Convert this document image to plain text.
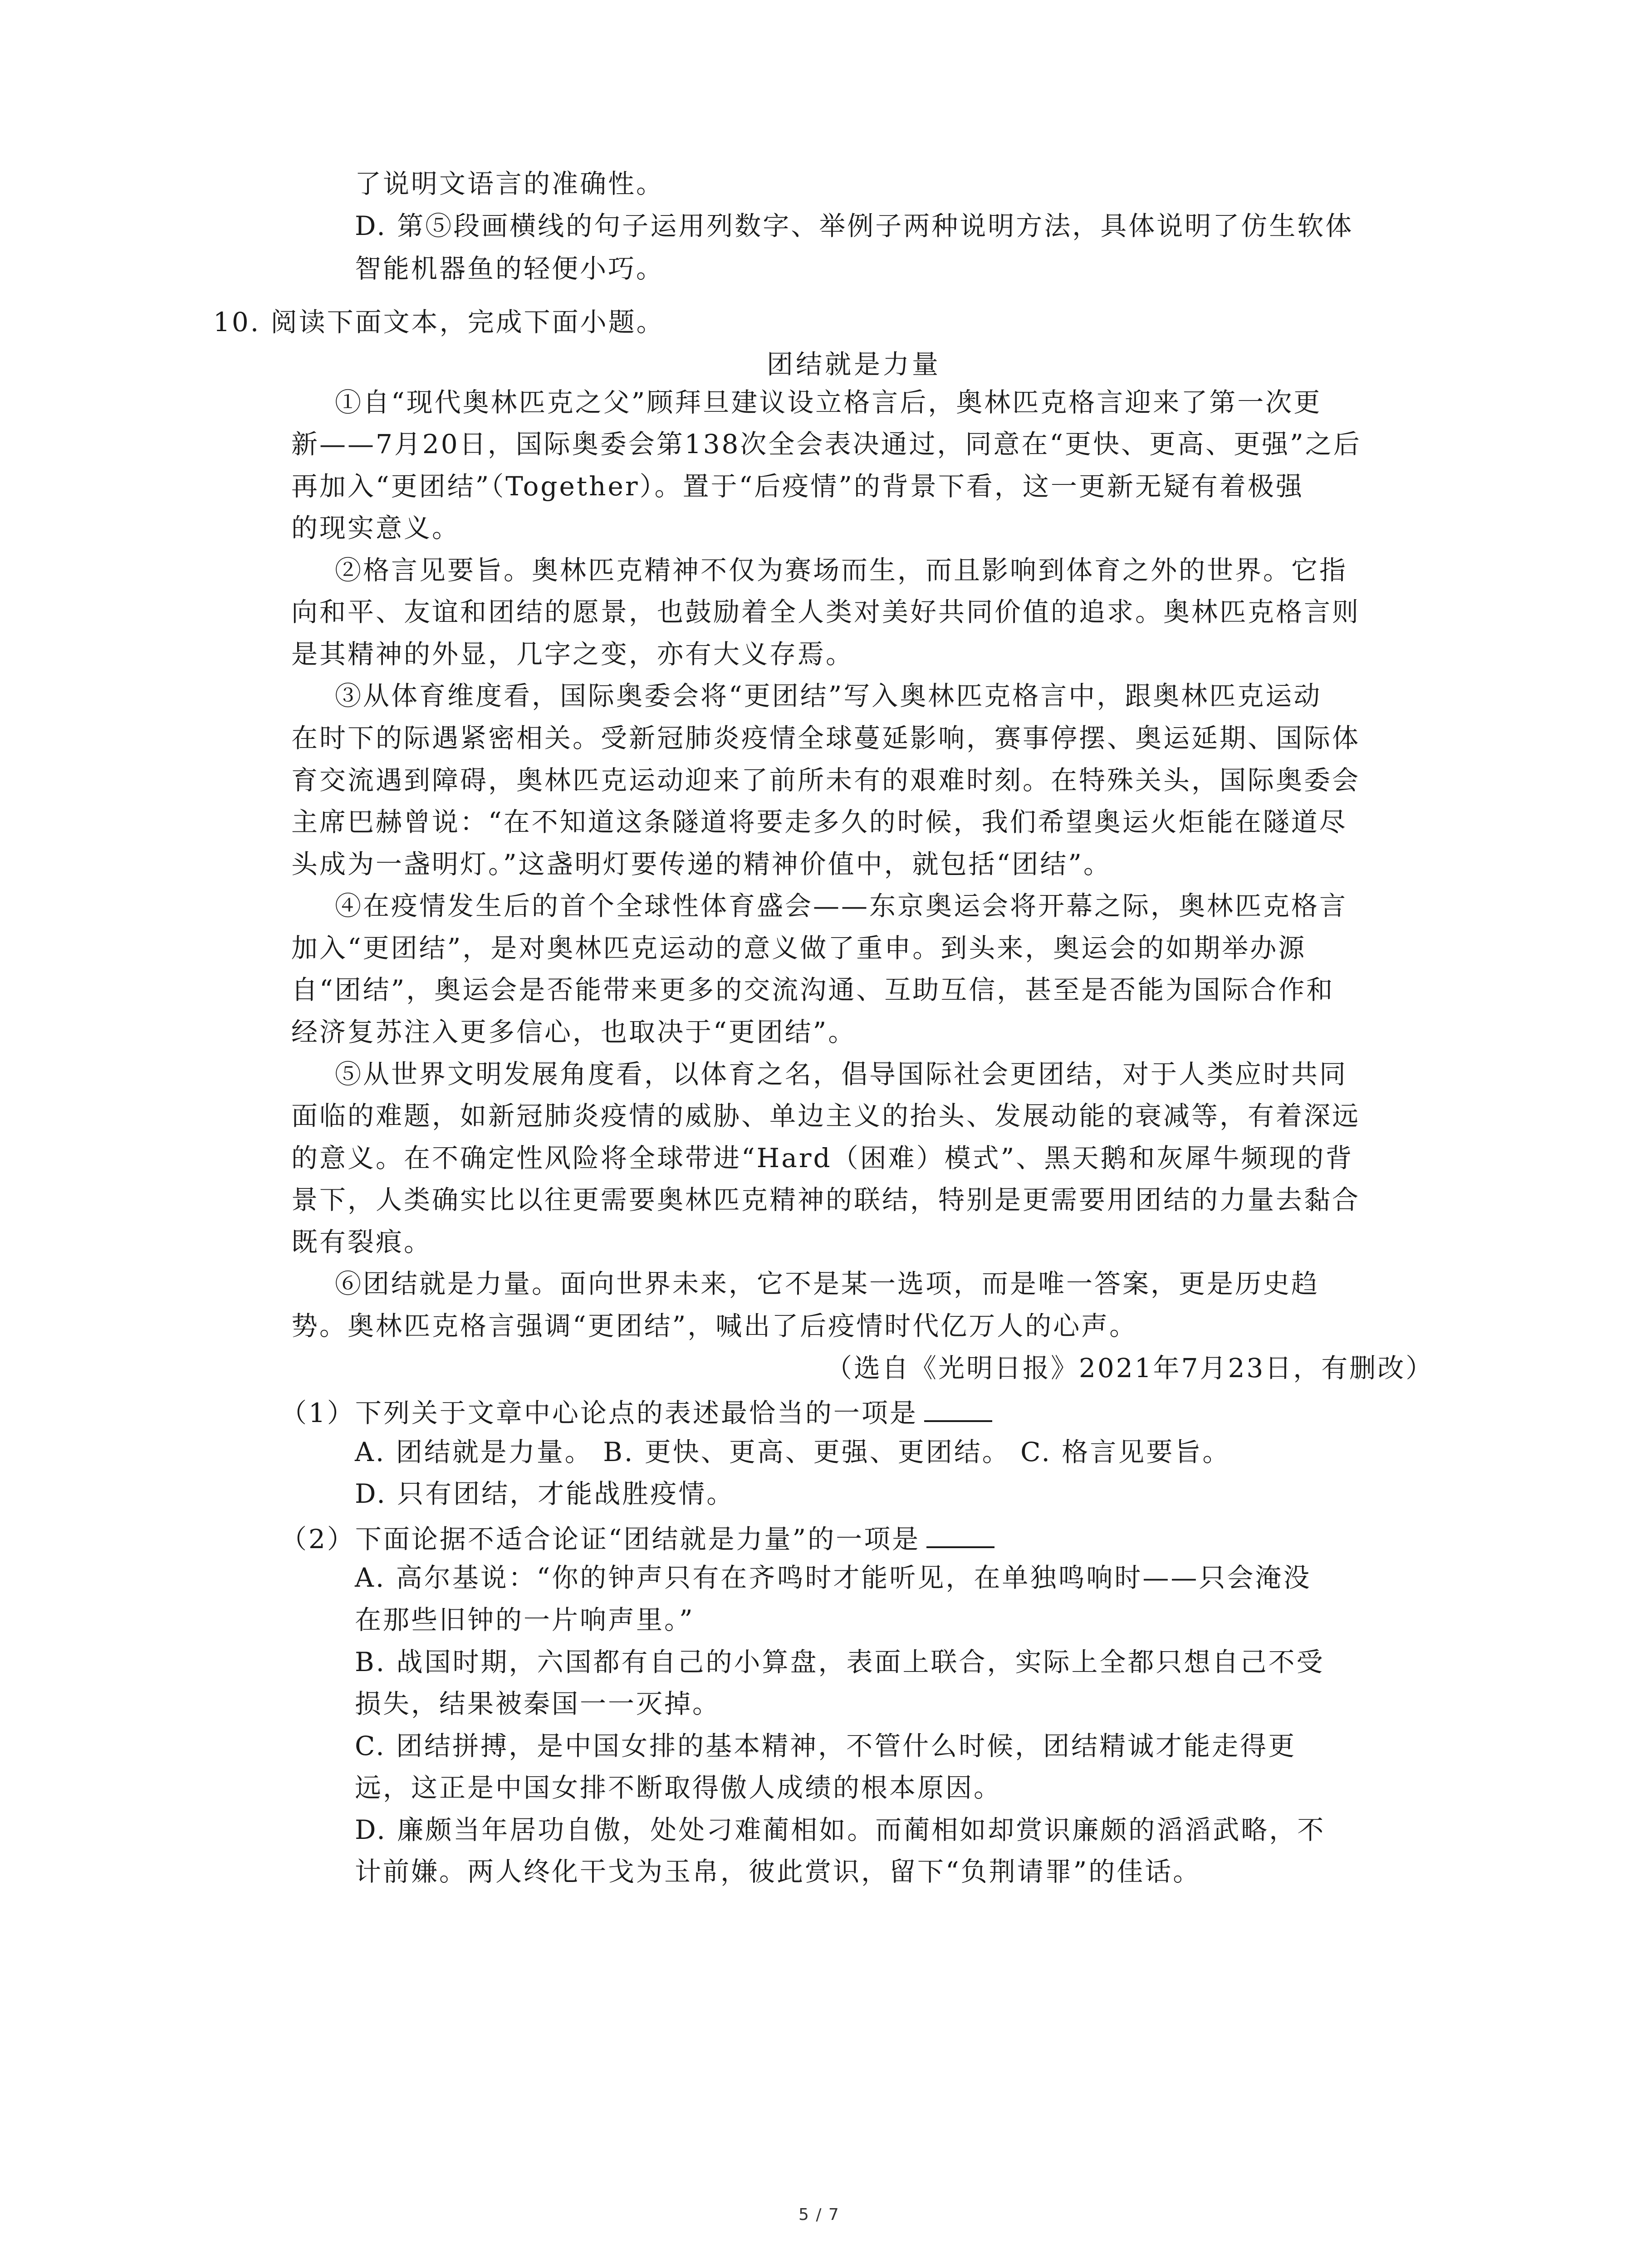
了说明文语言的准确性。
D. 第⑤段画横线的句子运用列数字、举例子两种说明方法，具体说明了仿生软体
智能机器鱼的轻便小巧。
10. 阅读下面文本，完成下面小题。
团结就是力量
①自“现代奥林匹克之父”顾拜旦建议设立格言后，奥林匹克格言迎来了第一次更
新——7月20日，国际奥委会第138次全会表决通过，同意在“更快、更高、更强”之后
再加入“更团结”（Together）。置于“后疫情”的背景下看，这一更新无疑有着极强
的现实意义。
②格言见要旨。奥林匹克精神不仅为赛场而生，而且影响到体育之外的世界。它指
向和平、友谊和团结的愿景，也鼓励着全人类对美好共同价值的追求。奥林匹克格言则
是其精神的外显，几字之变，亦有大义存焉。
③从体育维度看，国际奥委会将“更团结”写入奥林匹克格言中，跟奥林匹克运动
在时下的际遇紧密相关。受新冠肺炎疫情全球蔓延影响，赛事停摆、奥运延期、国际体
育交流遇到障碍，奥林匹克运动迎来了前所未有的艰难时刻。在特殊关头，国际奥委会
主席巴赫曾说：“在不知道这条隧道将要走多久的时候，我们希望奥运火炬能在隧道尽
头成为一盏明灯。”这盏明灯要传递的精神价值中，就包括“团结”。
④在疫情发生后的首个全球性体育盛会——东京奥运会将开幕之际，奥林匹克格言
加入“更团结”，是对奥林匹克运动的意义做了重申。到头来，奥运会的如期举办源
自“团结”，奥运会是否能带来更多的交流沟通、互助互信，甚至是否能为国际合作和
经济复苏注入更多信心，也取决于“更团结”。
⑤从世界文明发展角度看，以体育之名，倡导国际社会更团结，对于人类应时共同
面临的难题，如新冠肺炎疫情的威胁、单边主义的抬头、发展动能的衰减等，有着深远
的意义。在不确定性风险将全球带进“Hard（困难）模式”、黑天鹅和灰犀牛频现的背
景下，人类确实比以往更需要奥林匹克精神的联结，特别是更需要用团结的力量去黏合
既有裂痕。
⑥团结就是力量。面向世界未来，它不是某一选项，而是唯一答案，更是历史趋
势。奥林匹克格言强调“更团结”，喊出了后疫情时代亿万人的心声。
（选自《光明日报》2021年7月23日，有删改）
（1）下列关于文章中心论点的表述最恰当的一项是
A. 团结就是力量。 B. 更快、更高、更强、更团结。 C. 格言见要旨。
D. 只有团结，才能战胜疫情。
（2）下面论据不适合论证“团结就是力量”的一项是
A. 高尔基说：“你的钟声只有在齐鸣时才能听见，在单独鸣响时——只会淹没
在那些旧钟的一片响声里。”
B. 战国时期，六国都有自己的小算盘，表面上联合，实际上全都只想自己不受
损失，结果被秦国一一灭掉。
C. 团结拼搏，是中国女排的基本精神，不管什么时候，团结精诚才能走得更
远，这正是中国女排不断取得傲人成绩的根本原因。
D. 廉颇当年居功自傲，处处刁难蔺相如。而蔺相如却赏识廉颇的滔滔武略，不
计前嫌。两人终化干戈为玉帛，彼此赏识，留下“负荆请罪”的佳话。
5 / 7
